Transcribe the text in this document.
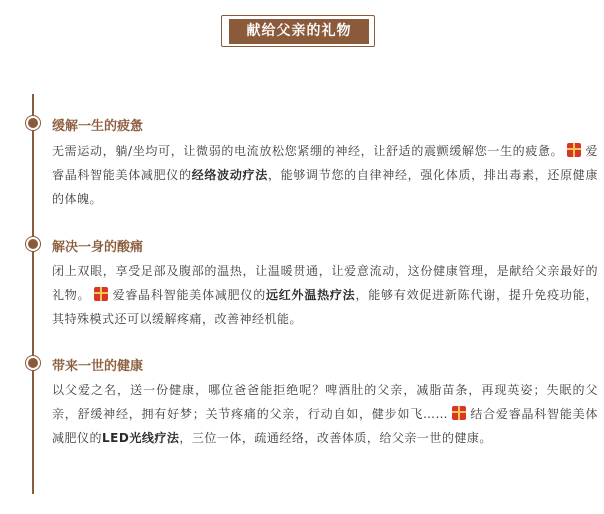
献给父亲的礼物
缓解一生的疲惫
无需运动，躺/坐均可，让微弱的电流放松您紧绷的神经，让舒适的震颤缓解您一生的疲惫。 爱睿晶科智能美体减肥仪的经络波动疗法，能够调节您的自律神经，强化体质，排出毒素，还原健康的体魄。
解决一身的酸痛
闭上双眼，享受足部及腹部的温热，让温暖贯通，让爱意流动，这份健康管理，是献给父亲最好的礼物。 爱睿晶科智能美体减肥仪的远红外温热疗法，能够有效促进新陈代谢，提升免疫功能，其特殊模式还可以缓解疼痛，改善神经机能。
带来一世的健康
以父爱之名，送一份健康，哪位爸爸能拒绝呢？啤酒肚的父亲，减脂苗条，再现英姿；失眠的父亲，舒缓神经，拥有好梦；关节疼痛的父亲，行动自如，健步如飞…… 结合爱睿晶科智能美体减肥仪的LED光线疗法，三位一体，疏通经络，改善体质，给父亲一世的健康。
